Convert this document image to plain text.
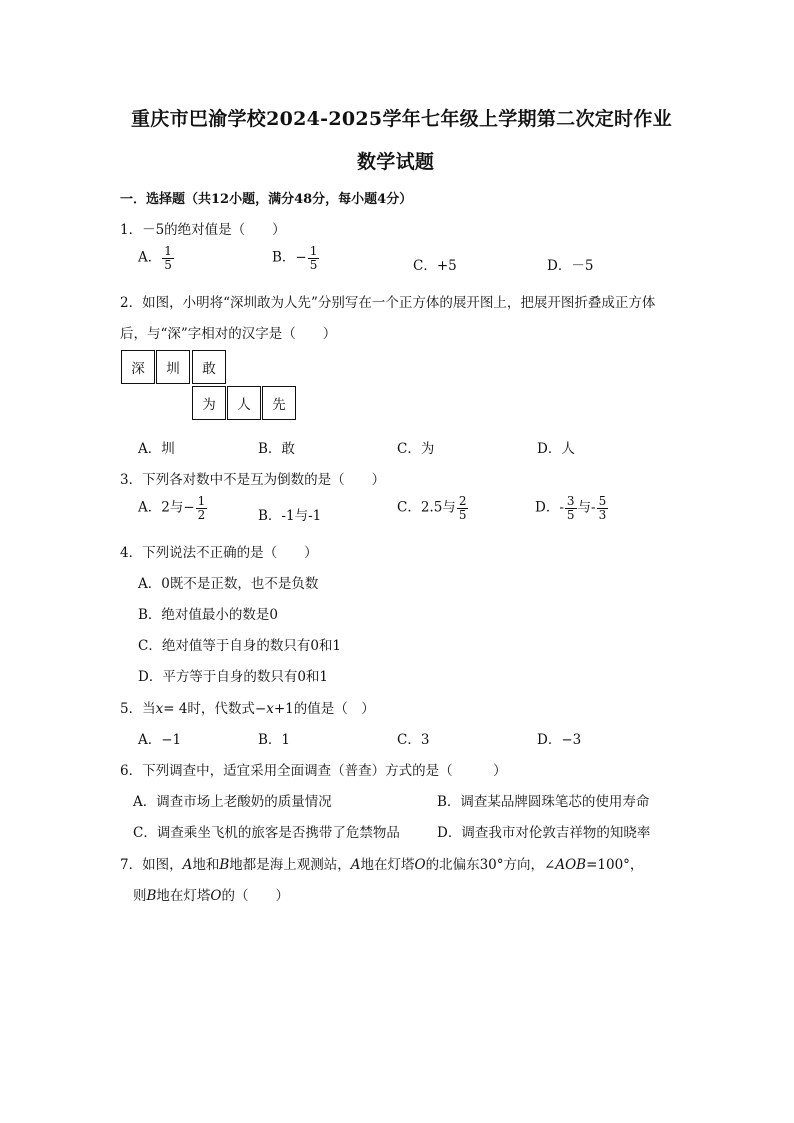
重庆市巴渝学校2024-2025学年七年级上学期第二次定时作业
数学试题
一．选择题（共12小题，满分48分，每小题4分）
1．－5的绝对值是（　　）
A． $\frac{1}{5}$	B．− $\frac{1}{5}$	C．+5	D．－5
2．如图，小明将“深圳敢为人先”分别写在一个正方体的展开图上，把展开图折叠成正方体
后，与“深”字相对的汉字是（　　）
深	圳	敢
为	人	先
A．圳	B．敢	C．为	D．人
3．下列各对数中不是互为倒数的是（　　）
A．2与− $\frac{1}{2}$	B．-1与-1
C．2.5与 $\frac{2}{5}$	D．- $\frac{3}{5}$ 与- $\frac{5}{3}$
4．下列说法不正确的是（　　）
A．0既不是正数，也不是负数
B．绝对值最小的数是0
C．绝对值等于自身的数只有0和1
D．平方等于自身的数只有0和1
5．当x= 4时，代数式−x+1的值是（　）
A．−1	B．1	C．3	D．−3
6．下列调查中，适宜采用全面调查（普查）方式的是（　　　）
A．调查市场上老酸奶的质量情况	B．调查某品牌圆珠笔芯的使用寿命
C．调查乘坐飞机的旅客是否携带了危禁物品	D．调查我市对伦敦吉祥物的知晓率
7．如图，A地和B地都是海上观测站，A地在灯塔O的北偏东30°方向，∠AOB=100°，
则B地在灯塔O的（　　）
